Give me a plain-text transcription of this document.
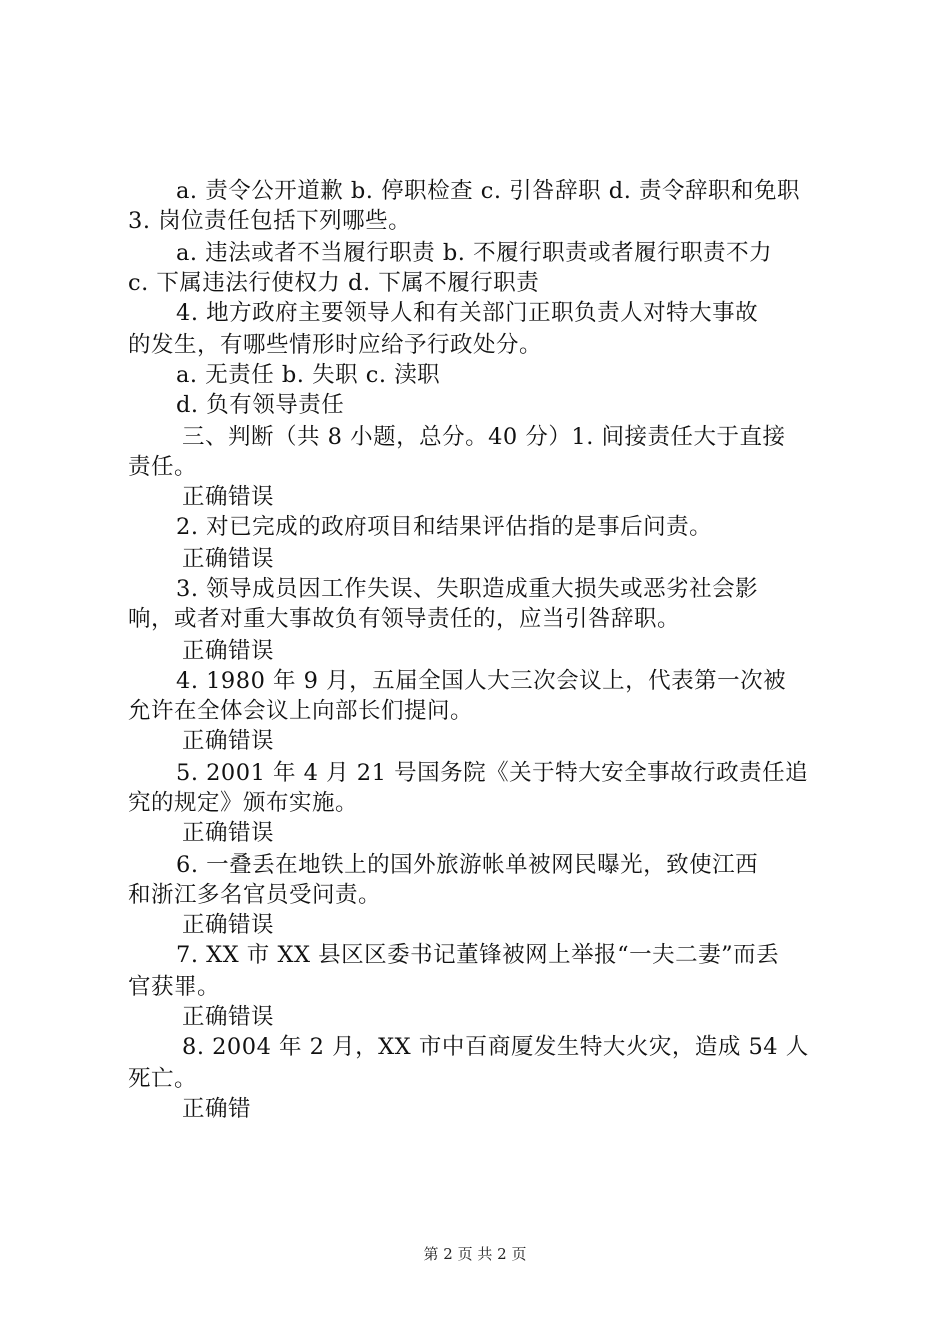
a. 责令公开道歉 b. 停职检查 c. 引咎辞职 d. 责令辞职和免职
3. 岗位责任包括下列哪些。
a. 违法或者不当履行职责 b. 不履行职责或者履行职责不力
c. 下属违法行使权力 d. 下属不履行职责
4. 地方政府主要领导人和有关部门正职负责人对特大事故
的发生，有哪些情形时应给予行政处分。
a. 无责任 b. 失职 c. 渎职
d. 负有领导责任
三、判断（共 8 小题，总分。40 分）1. 间接责任大于直接
责任。
正确错误
2. 对已完成的政府项目和结果评估指的是事后问责。
正确错误
3. 领导成员因工作失误、失职造成重大损失或恶劣社会影
响，或者对重大事故负有领导责任的，应当引咎辞职。
正确错误
4. 1980 年 9 月，五届全国人大三次会议上，代表第一次被
允许在全体会议上向部长们提问。
正确错误
5. 2001 年 4 月 21 号国务院《关于特大安全事故行政责任追
究的规定》颁布实施。
正确错误
6. 一叠丢在地铁上的国外旅游帐单被网民曝光，致使江西
和浙江多名官员受问责。
正确错误
7. XX 市 XX 县区区委书记董锋被网上举报“一夫二妻”而丢
官获罪。
正确错误
8. 2004 年 2 月，XX 市中百商厦发生特大火灾，造成 54 人
死亡。
正确错
第 2 页 共 2 页
